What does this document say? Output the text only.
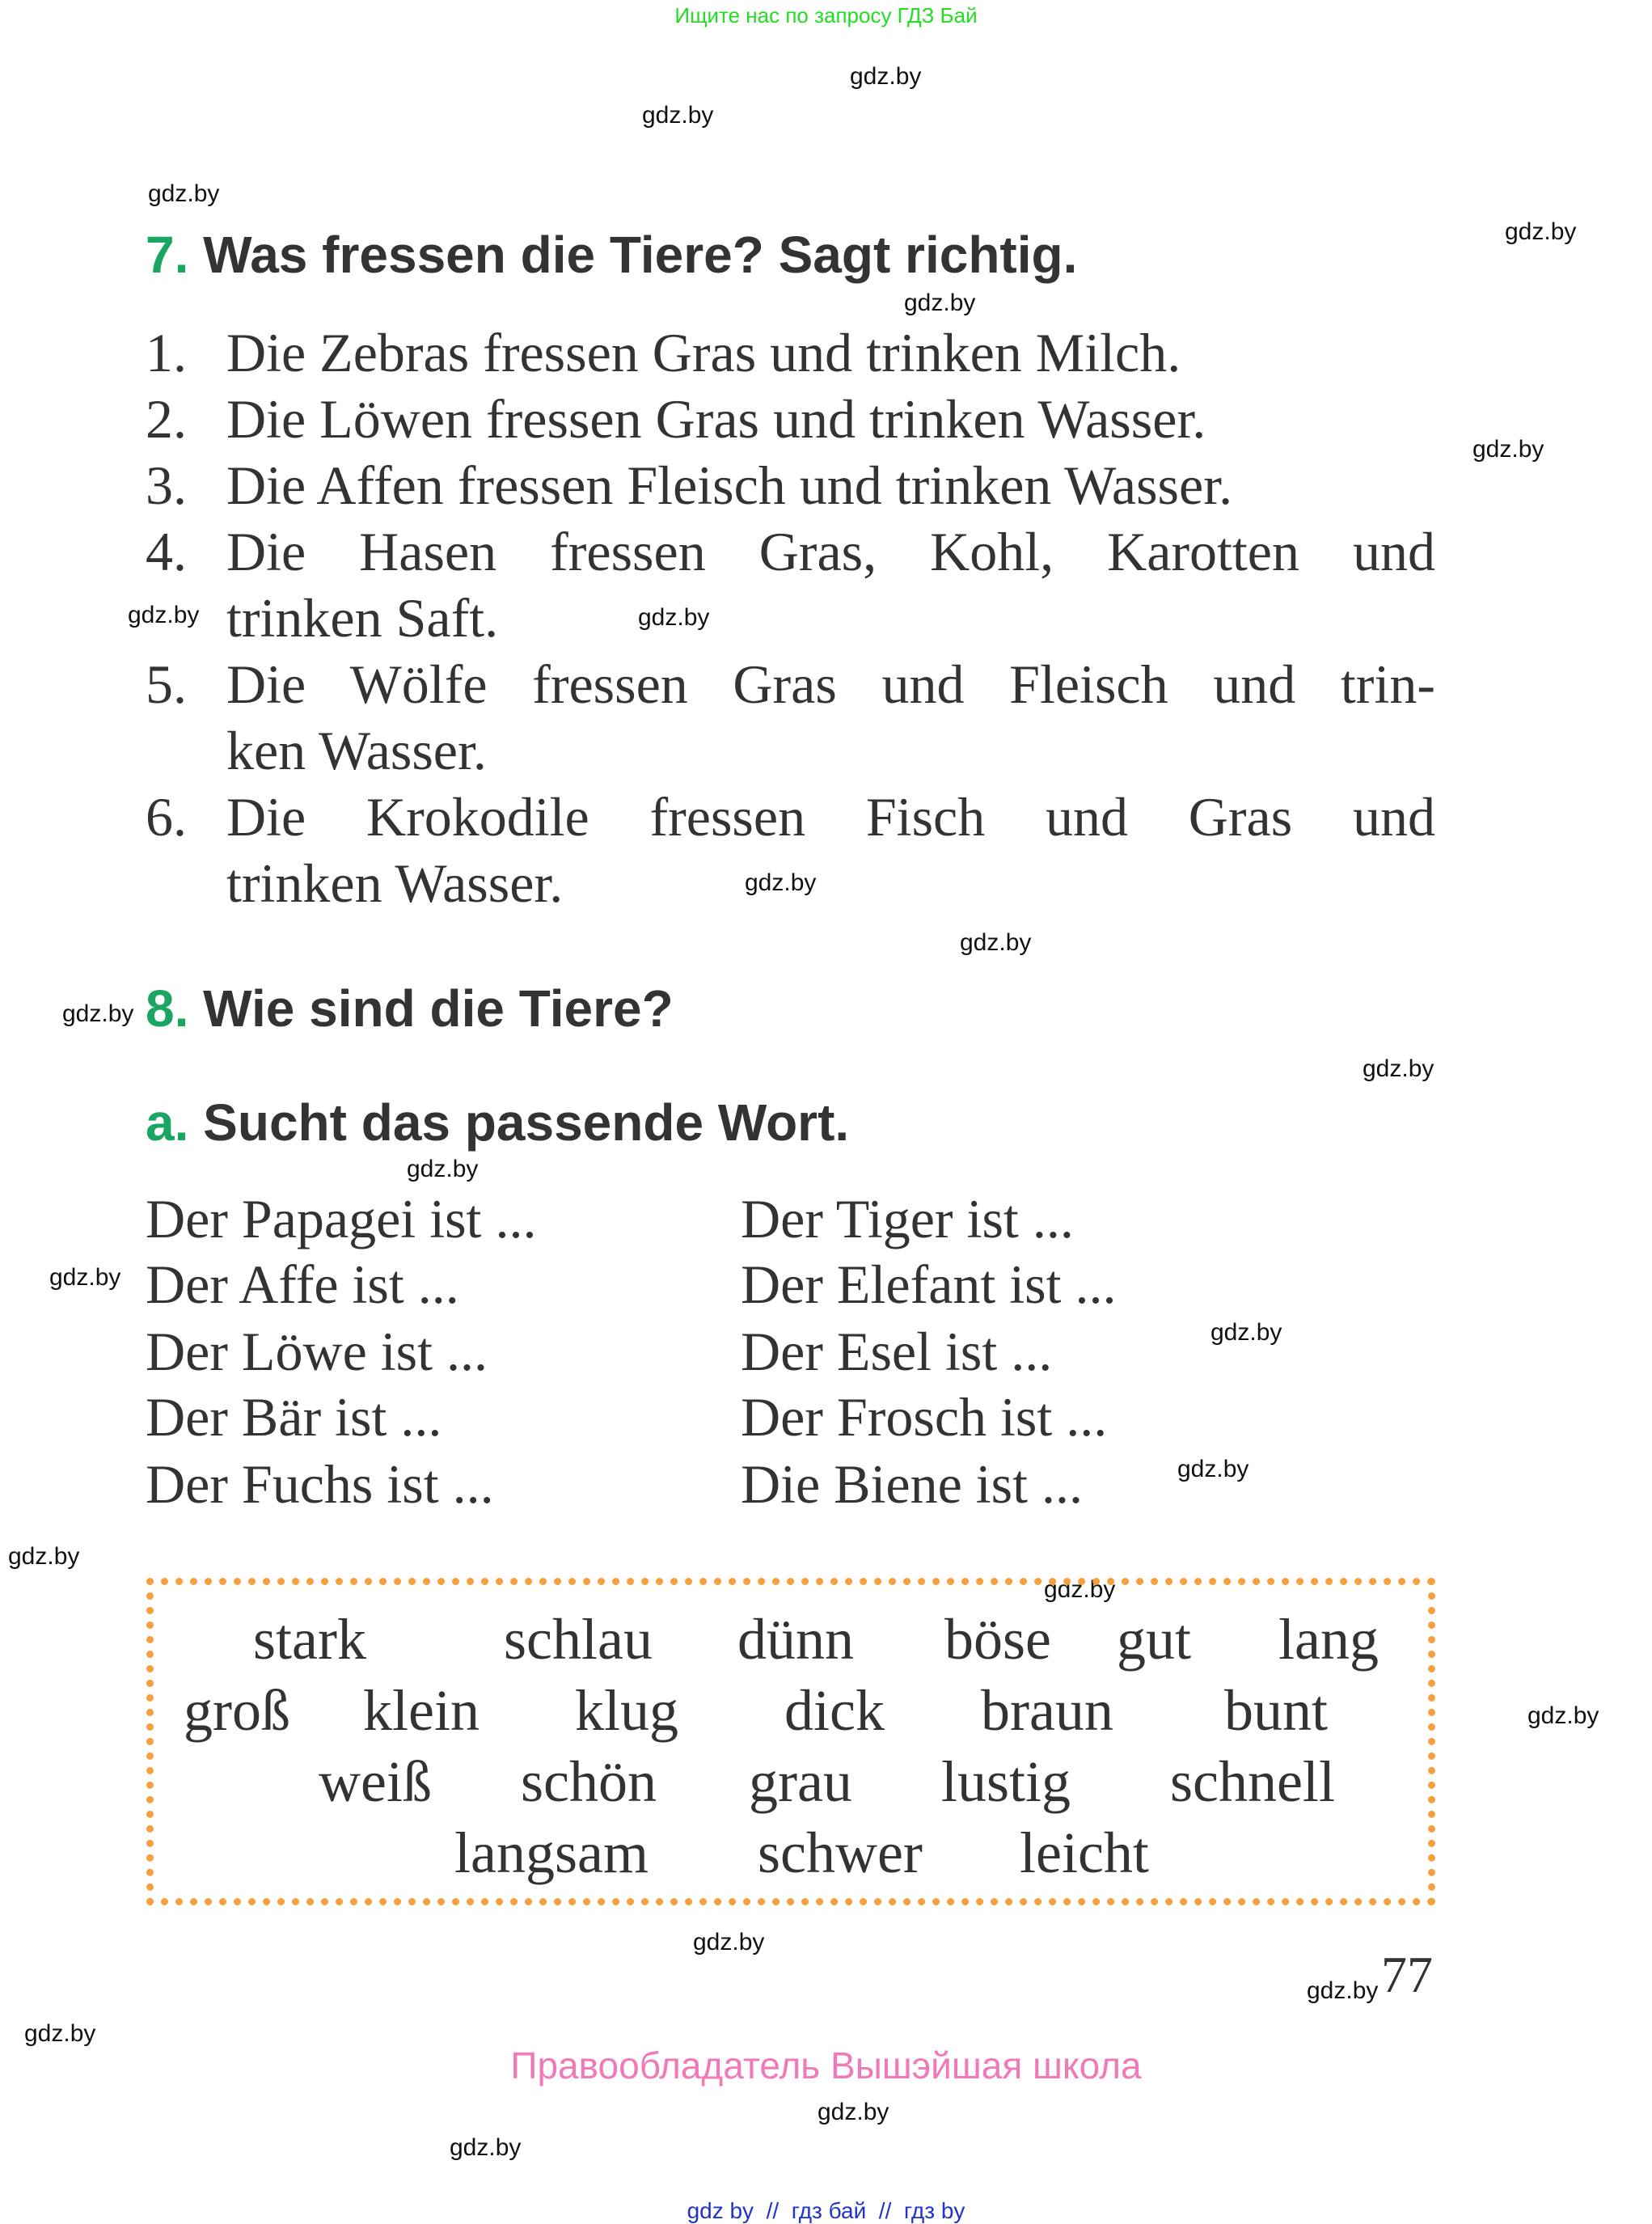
Ищите нас по запросу ГДЗ Бай
gdz.by
gdz.by
gdz.by
gdz.by
gdz.by
gdz.by
gdz.by	gdz.by
gdz.by
gdz.by
gdz.by
gdz.by
gdz.by
gdz.by
gdz.by
gdz.by
gdz.by
gdz.by
gdz.by
gdz.by
gdz.by
gdz.by
gdz.by
gdz.by
7. Was fressen die Tiere? Sagt richtig.
1. Die Zebras fressen Gras und trinken Milch.
2. Die Löwen fressen Gras und trinken Wasser.
3. Die Affen fressen Fleisch und trinken Wasser.
4. Die Hasen fressen Gras, Kohl, Karotten und
trinken Saft.
5. Die Wölfe fressen Gras und Fleisch und trin-
ken Wasser.
6. Die Krokodile fressen Fisch und Gras und
trinken Wasser.
8. Wie sind die Tiere?
a. Sucht das passende Wort.
Der Papagei ist ...
Der Affe ist ...
Der Löwe ist ...
Der Bär ist ...
Der Fuchs ist ...
Der Tiger ist ...
Der Elefant ist ...
Der Esel ist ...
Der Frosch ist ...
Die Biene ist ...
stark schlau dünn böse gut lang
groß klein klug dick braun bunt
weiß schön grau lustig schnell
langsam schwer leicht
77
Правообладатель Вышэйшая школа
gdz by  //  гдз бай  //  гдз by
